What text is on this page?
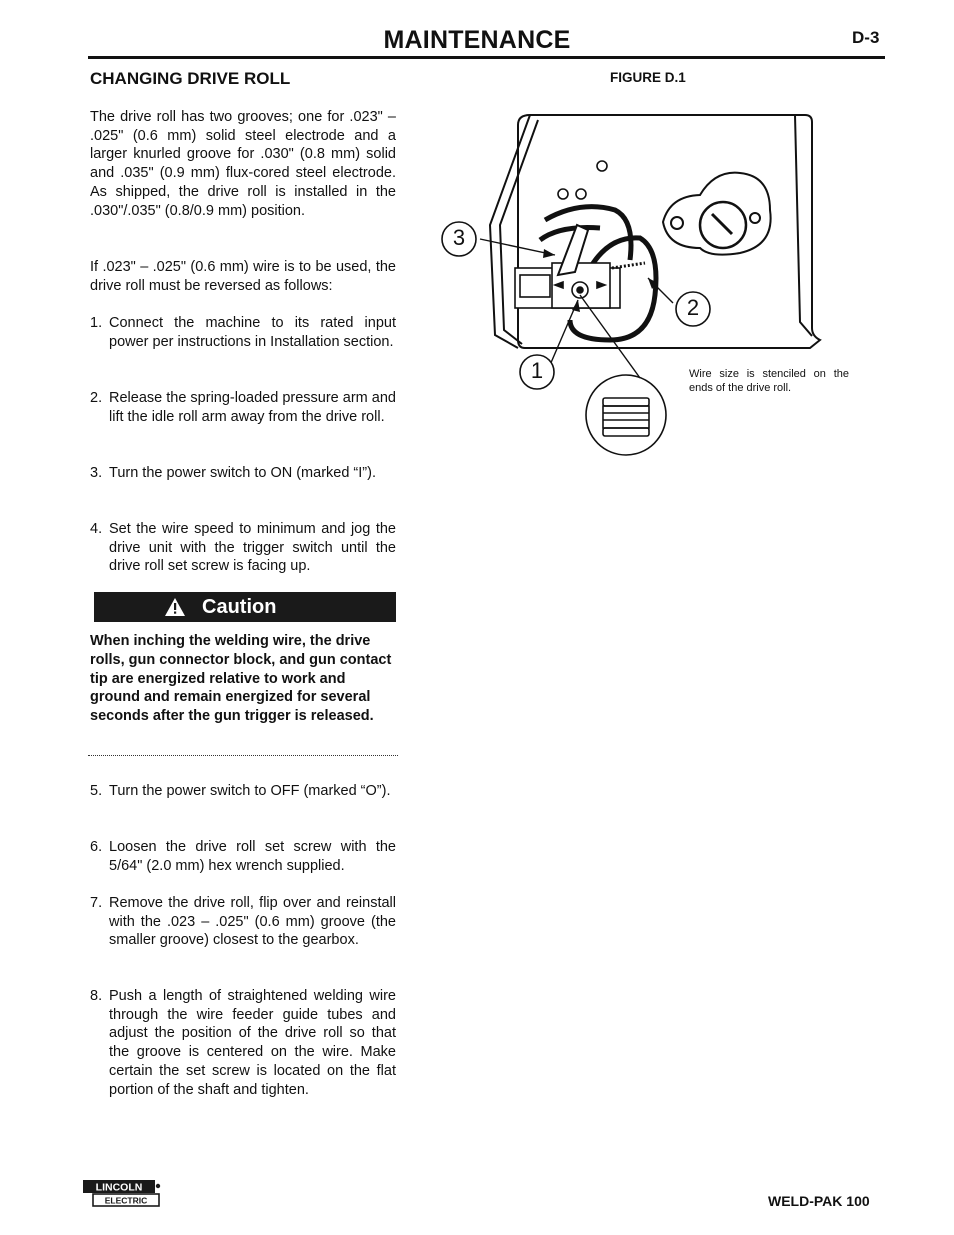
MAINTENANCE	D-3
CHANGING DRIVE ROLL	FIGURE D.1

The drive roll has two grooves; one for .023" – .025" (0.6 mm) solid steel electrode and a larger knurled groove for .030" (0.8 mm) solid and .035" (0.9 mm) flux-cored steel electrode. As shipped, the drive roll is installed in the .030"/.035" (0.8/0.9 mm) position.

If .023" – .025" (0.6 mm) wire is to be used, the drive roll must be reversed as follows:

1. Connect the machine to its rated input power per instructions in Installation section.
2. Release the spring-loaded pressure arm and lift the idle roll arm away from the drive roll.
3. Turn the power switch to ON (marked “I”).
4. Set the wire speed to minimum and jog the drive unit with the trigger switch until the drive roll set screw is facing up.
Caution
When inching the welding wire, the drive rolls, gun connector block, and gun contact tip are energized relative to work and ground and remain energized for several seconds after the gun trigger is released.
5. Turn the power switch to OFF (marked “O”).
6. Loosen the drive roll set screw with the 5/64" (2.0 mm) hex wrench supplied.
7. Remove the drive roll, flip over and reinstall with the .023 – .025" (0.6 mm) groove (the smaller groove) closest to the gearbox.
8. Push a length of straightened welding wire through the wire feeder guide tubes and adjust the position of the drive roll so that the groove is centered on the wire. Make certain the set screw is located on the flat portion of the shaft and tighten.
3
2
1	Wire size is stenciled on the ends of the drive roll.
LINCOLN
ELECTRIC	WELD-PAK 100
